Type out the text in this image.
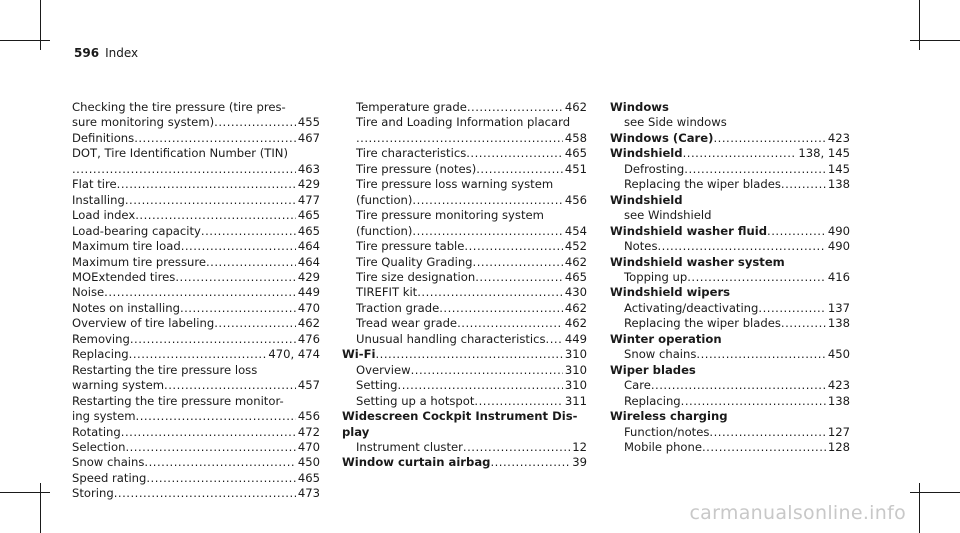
596 Index
Checking the tire pressure (tire pres-
sure monitoring system) .....	455
Definitions .....	467
DOT, Tire Identification Number (TIN)
.....
463
Flat tire .....	429
Installing .....	477
Load index .....	465
Load-bearing capacity .....	465
Maximum tire load .....	464
Maximum tire pressure .....	464
MOExtended tires .....	429
Noise .....	449
Notes on installing .....	470
Overview of tire labeling .....	462
Removing .....	476
Replacing .....	470, 474
Restarting the tire pressure loss
warning system .....	457
Restarting the tire pressure monitor-
ing system .....	456
Rotating .....	472
Selection .....	470
Snow chains .....	450
Speed rating .....	465
Storing .....	473
Temperature grade .....	462
Tire and Loading Information placard
.....
458
Tire characteristics .....	465
Tire pressure (notes) .....	451
Tire pressure loss warning system
(function) .....	456
Tire pressure monitoring system
(function) .....	454
Tire pressure table .....	452
Tire Quality Grading .....	462
Tire size designation .....	465
TIREFIT kit .....	430
Traction grade .....	462
Tread wear grade .....	462
Unusual handling characteristics ..... 449
Wi-Fi .....	310
Overview .....	310
Setting .....	310
Setting up a hotspot .....	311
Widescreen Cockpit Instrument Dis-
play
Instrument cluster .....	12
Window curtain airbag .....	39
Windows
see Side windows
Windows (Care) .....	423
Windshield .....	138, 145
Defrosting .....	145
Replacing the wiper blades .....	138
Windshield
see Windshield
Windshield washer fluid .....	490
Notes .....	490
Windshield washer system
Topping up .....	416
Windshield wipers
Activating/deactivating .....	137
Replacing the wiper blades .....	138
Winter operation
Snow chains .....	450
Wiper blades
Care .....	423
Replacing .....	138
Wireless charging
Function/notes .....	127
Mobile phone .....	128
carmanualsonline.info
